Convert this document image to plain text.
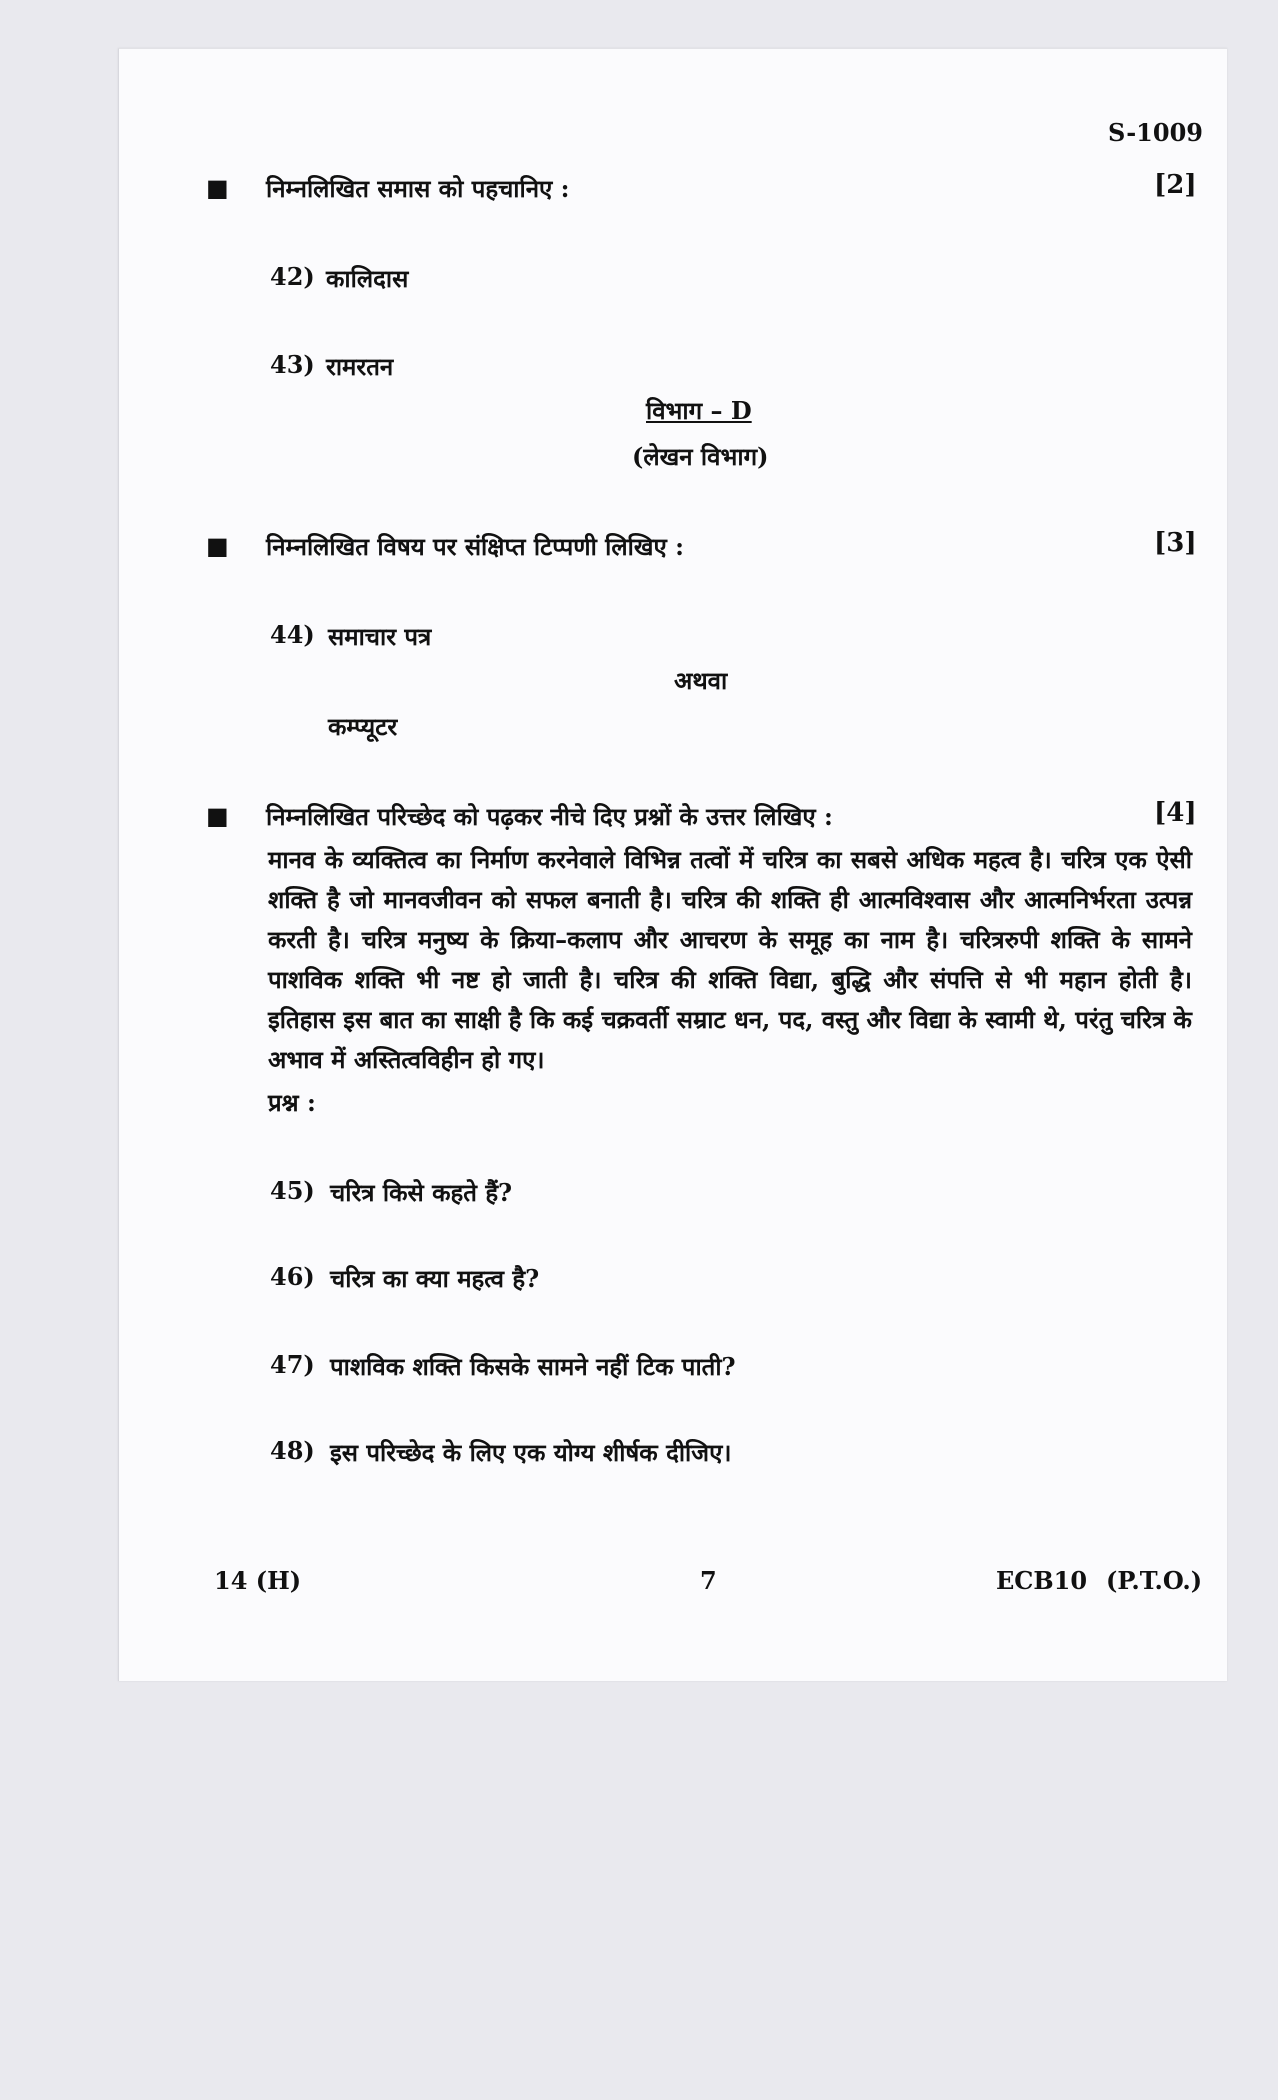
S-1009
■ निम्नलिखित समास को पहचानिए :	[2]
42) कालिदास
43) रामरतन
विभाग – D
(लेखन विभाग)
■ निम्नलिखित विषय पर संक्षिप्त टिप्पणी लिखिए :	[3]
44) समाचार पत्र
अथवा
कम्प्यूटर
■ निम्नलिखित परिच्छेद को पढ़कर नीचे दिए प्रश्नों के उत्तर लिखिए :	[4]
मानव के व्यक्तित्व का निर्माण करनेवाले विभिन्न तत्वों में चरित्र का सबसे अधिक महत्व है। चरित्र एक ऐसी शक्ति है जो मानवजीवन को सफल बनाती है। चरित्र की शक्ति ही आत्मविश्वास और आत्मनिर्भरता उत्पन्न करती है। चरित्र मनुष्य के क्रिया–कलाप और आचरण के समूह का नाम है। चरित्ररुपी शक्ति के सामने पाशविक शक्ति भी नष्ट हो जाती है। चरित्र की शक्ति विद्या, बुद्धि और संपत्ति से भी महान होती है। इतिहास इस बात का साक्षी है कि कई चक्रवर्ती सम्राट धन, पद, वस्तु और विद्या के स्वामी थे, परंतु चरित्र के अभाव में अस्तित्वविहीन हो गए।
प्रश्न :
45) चरित्र किसे कहते हैं?
46) चरित्र का क्या महत्व है?
47) पाशविक शक्ति किसके सामने नहीं टिक पाती?
48) इस परिच्छेद के लिए एक योग्य शीर्षक दीजिए।
14 (H)	7	ECB10 (P.T.O.)
